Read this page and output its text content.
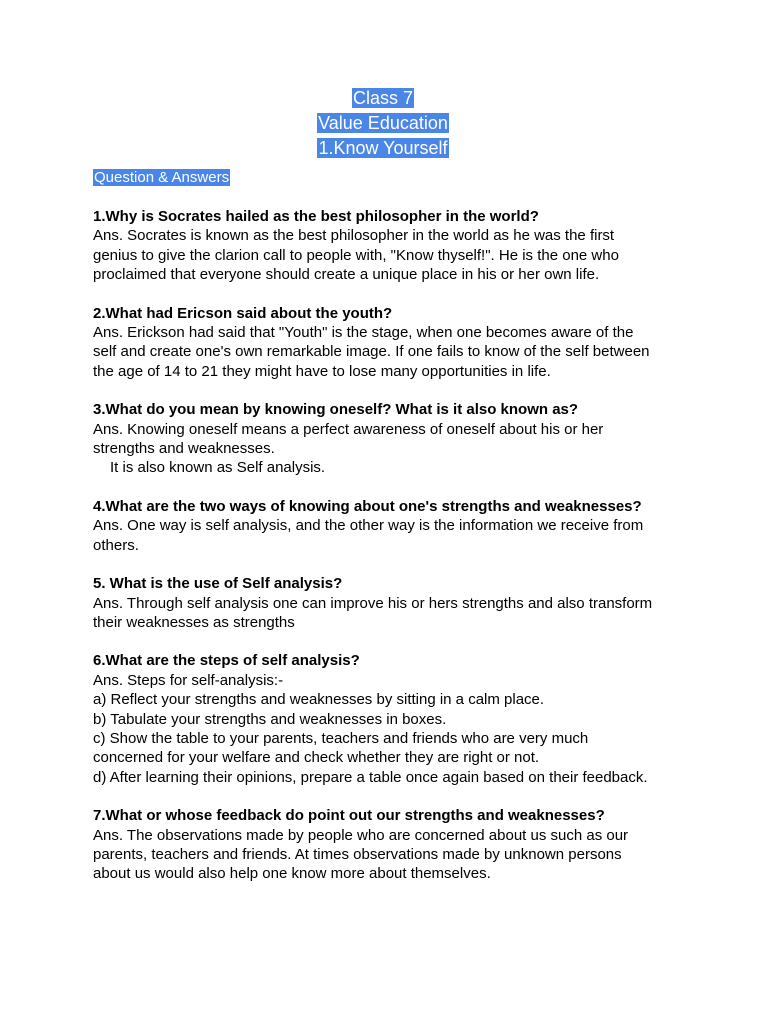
Class 7
Value Education
1.Know Yourself
Question & Answers
1.Why is Socrates hailed as the best philosopher in the world?
Ans. Socrates is known as the best philosopher in the world as he was the first
genius to give the clarion call to people with, "Know thyself!". He is the one who
proclaimed that everyone should create a unique place in his or her own life.
2.What had Ericson said about the youth?
Ans. Erickson had said that "Youth" is the stage, when one becomes aware of the
self and create one's own remarkable image. If one fails to know of the self between
the age of 14 to 21 they might have to lose many opportunities in life.
3.What do you mean by knowing oneself? What is it also known as?
Ans. Knowing oneself means a perfect awareness of oneself about his or her
strengths and weaknesses.
It is also known as Self analysis.
4.What are the two ways of knowing about one's strengths and weaknesses?
Ans. One way is self analysis, and the other way is the information we receive from
others.
5. What is the use of Self analysis?
Ans. Through self analysis one can improve his or hers strengths and also transform
their weaknesses as strengths
6.What are the steps of self analysis?
Ans. Steps for self-analysis:-
a) Reflect your strengths and weaknesses by sitting in a calm place.
b) Tabulate your strengths and weaknesses in boxes.
c) Show the table to your parents, teachers and friends who are very much
concerned for your welfare and check whether they are right or not.
d) After learning their opinions, prepare a table once again based on their feedback.
7.What or whose feedback do point out our strengths and weaknesses?
Ans. The observations made by people who are concerned about us such as our
parents, teachers and friends. At times observations made by unknown persons
about us would also help one know more about themselves.
